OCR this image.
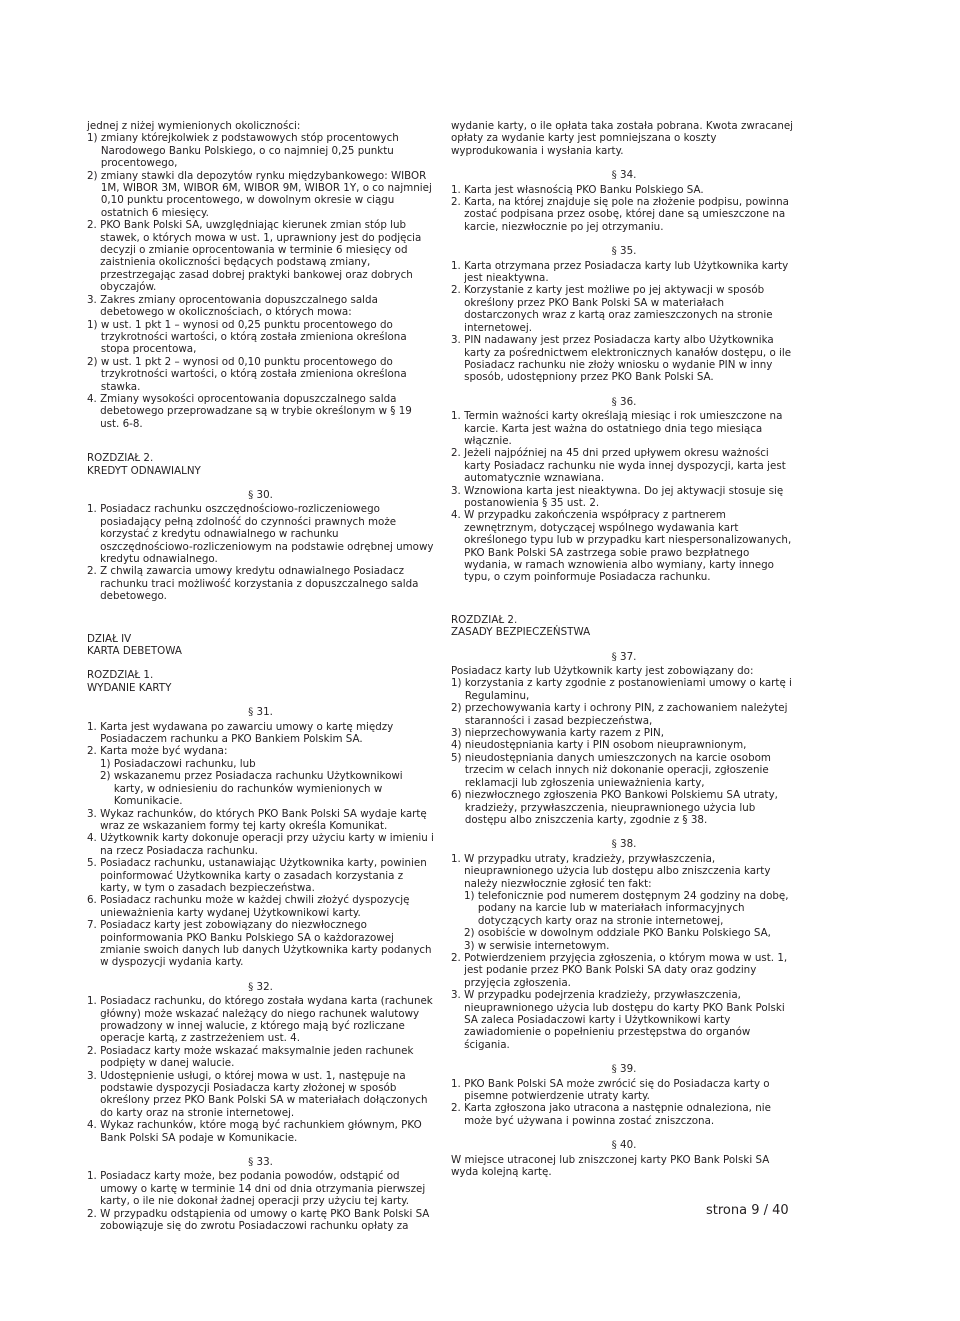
jednej z niżej wymienionych okoliczności:

1) zmiany którejkolwiek z podstawowych stóp procentowych Narodowego Banku Polskiego, o co najmniej 0,25 punktu procentowego,
2) zmiany stawki dla depozytów rynku międzybankowego: WIBOR 1M, WIBOR 3M, WIBOR 6M, WIBOR 9M, WIBOR 1Y, o co najmniej 0,10 punktu procentowego, w dowolnym okresie w ciągu ostatnich 6 miesięcy.
2. PKO Bank Polski SA, uwzględniając kierunek zmian stóp lub stawek, o których mowa w ust. 1, uprawniony jest do podjęcia decyzji o zmianie oprocentowania w terminie 6 miesięcy od zaistnienia okoliczności będących podstawą zmiany, przestrzegając zasad dobrej praktyki bankowej oraz dobrych obyczajów.
3. Zakres zmiany oprocentowania dopuszczalnego salda debetowego w okolicznościach, o których mowa:
1) w ust. 1 pkt 1 – wynosi od 0,25 punktu procentowego do trzykrotności wartości, o którą została zmieniona określona stopa procentowa,
2) w ust. 1 pkt 2 – wynosi od 0,10 punktu procentowego do trzykrotności wartości, o którą została zmieniona określona stawka.
4. Zmiany wysokości oprocentowania dopuszczalnego salda debetowego przeprowadzane są w trybie określonym w § 19 ust. 6-8.

ROZDZIAŁ 2.

KREDYT ODNAWIALNY

§ 30.
1. Posiadacz rachunku oszczędnościowo-rozliczeniowego posiadający pełną zdolność do czynności prawnych może korzystać z kredytu odnawialnego w rachunku oszczędnościowo-rozliczeniowym na podstawie odrębnej umowy kredytu odnawialnego.
2. Z chwilą zawarcia umowy kredytu odnawialnego Posiadacz rachunku traci możliwość korzystania z dopuszczalnego salda debetowego.

DZIAŁ IV

KARTA DEBETOWA

ROZDZIAŁ 1.

WYDANIE KARTY

§ 31.
1. Karta jest wydawana po zawarciu umowy o kartę między Posiadaczem rachunku a PKO Bankiem Polskim SA.
2. Karta może być wydana:
1) Posiadaczowi rachunku, lub
2) wskazanemu przez Posiadacza rachunku Użytkownikowi karty, w odniesieniu do rachunków wymienionych w Komunikacie.
3. Wykaz rachunków, do których PKO Bank Polski SA wydaje kartę wraz ze wskazaniem formy tej karty określa Komunikat.
4. Użytkownik karty dokonuje operacji przy użyciu karty w imieniu i na rzecz Posiadacza rachunku.
5. Posiadacz rachunku, ustanawiając Użytkownika karty, powinien poinformować Użytkownika karty o zasadach korzystania z karty, w tym o zasadach bezpieczeństwa.
6. Posiadacz rachunku może w każdej chwili złożyć dyspozycję unieważnienia karty wydanej Użytkownikowi karty.
7. Posiadacz karty jest zobowiązany do niezwłocznego poinformowania PKO Banku Polskiego SA o każdorazowej zmianie swoich danych lub danych Użytkownika karty podanych w dyspozycji wydania karty.
§ 32.
1. Posiadacz rachunku, do którego została wydana karta (rachunek główny) może wskazać należący do niego rachunek walutowy prowadzony w innej walucie, z którego mają być rozliczane operacje kartą, z zastrzeżeniem ust. 4.
2. Posiadacz karty może wskazać maksymalnie jeden rachunek podpięty w danej walucie.
3. Udostępnienie usługi, o której mowa w ust. 1, następuje na podstawie dyspozycji Posiadacza karty złożonej w sposób określony przez PKO Bank Polski SA w materiałach dołączonych do karty oraz na stronie internetowej.
4. Wykaz rachunków, które mogą być rachunkiem głównym, PKO Bank Polski SA podaje w Komunikacie.
§ 33.
1. Posiadacz karty może, bez podania powodów, odstąpić od umowy o kartę w terminie 14 dni od dnia otrzymania pierwszej karty, o ile nie dokonał żadnej operacji przy użyciu tej karty.
2. W przypadku odstąpienia od umowy o kartę PKO Bank Polski SA zobowiązuje się do zwrotu Posiadaczowi rachunku opłaty za

wydanie karty, o ile opłata taka została pobrana. Kwota zwracanej opłaty za wydanie karty jest pomniejszana o koszty wyprodukowania i wysłania karty.

§ 34.
1. Karta jest własnością PKO Banku Polskiego SA.
2. Karta, na której znajduje się pole na złożenie podpisu, powinna zostać podpisana przez osobę, której dane są umieszczone na karcie, niezwłocznie po jej otrzymaniu.
§ 35.
1. Karta otrzymana przez Posiadacza karty lub Użytkownika karty jest nieaktywna.
2. Korzystanie z karty jest możliwe po jej aktywacji w sposób określony przez PKO Bank Polski SA w materiałach dostarczonych wraz z kartą oraz zamieszczonych na stronie internetowej.
3. PIN nadawany jest przez Posiadacza karty albo Użytkownika karty za pośrednictwem elektronicznych kanałów dostępu, o ile Posiadacz rachunku nie złoży wniosku o wydanie PIN w inny sposób, udostępniony przez PKO Bank Polski SA.
§ 36.
1. Termin ważności karty określają miesiąc i rok umieszczone na karcie. Karta jest ważna do ostatniego dnia tego miesiąca włącznie.
2. Jeżeli najpóźniej na 45 dni przed upływem okresu ważności karty Posiadacz rachunku nie wyda innej dyspozycji, karta jest automatycznie wznawiana.
3. Wznowiona karta jest nieaktywna. Do jej aktywacji stosuje się postanowienia § 35 ust. 2.
4. W przypadku zakończenia współpracy z partnerem zewnętrznym, dotyczącej wspólnego wydawania kart określonego typu lub w przypadku kart niespersonalizowanych, PKO Bank Polski SA zastrzega sobie prawo bezpłatnego wydania, w ramach wznowienia albo wymiany, karty innego typu, o czym poinformuje Posiadacza rachunku.

ROZDZIAŁ 2.

ZASADY BEZPIECZEŃSTWA

§ 37.

Posiadacz karty lub Użytkownik karty jest zobowiązany do:

1) korzystania z karty zgodnie z postanowieniami umowy o kartę i Regulaminu,
2) przechowywania karty i ochrony PIN, z zachowaniem należytej staranności i zasad bezpieczeństwa,
3) nieprzechowywania karty razem z PIN,
4) nieudostępniania karty i PIN osobom nieuprawnionym,
5) nieudostępniania danych umieszczonych na karcie osobom trzecim w celach innych niż dokonanie operacji, zgłoszenie reklamacji lub zgłoszenia unieważnienia karty,
6) niezwłocznego zgłoszenia PKO Bankowi Polskiemu SA utraty, kradzieży, przywłaszczenia, nieuprawnionego użycia lub dostępu albo zniszczenia karty, zgodnie z § 38.
§ 38.
1. W przypadku utraty, kradzieży, przywłaszczenia, nieuprawnionego użycia lub dostępu albo zniszczenia karty należy niezwłocznie zgłosić ten fakt:
1) telefonicznie pod numerem dostępnym 24 godziny na dobę, podany na karcie lub w materiałach informacyjnych dotyczących karty oraz na stronie internetowej,
2) osobiście w dowolnym oddziale PKO Banku Polskiego SA,
3) w serwisie internetowym.
2. Potwierdzeniem przyjęcia zgłoszenia, o którym mowa w ust. 1, jest podanie przez PKO Bank Polski SA daty oraz godziny przyjęcia zgłoszenia.
3. W przypadku podejrzenia kradzieży, przywłaszczenia, nieuprawnionego użycia lub dostępu do karty PKO Bank Polski SA zaleca Posiadaczowi karty i Użytkownikowi karty zawiadomienie o popełnieniu przestępstwa do organów ścigania.
§ 39.
1. PKO Bank Polski SA może zwrócić się do Posiadacza karty o pisemne potwierdzenie utraty karty.
2. Karta zgłoszona jako utracona a następnie odnaleziona, nie może być używana i powinna zostać zniszczona.
§ 40.

W miejsce utraconej lub zniszczonej karty PKO Bank Polski SA wyda kolejną kartę.

strona 9 / 40
